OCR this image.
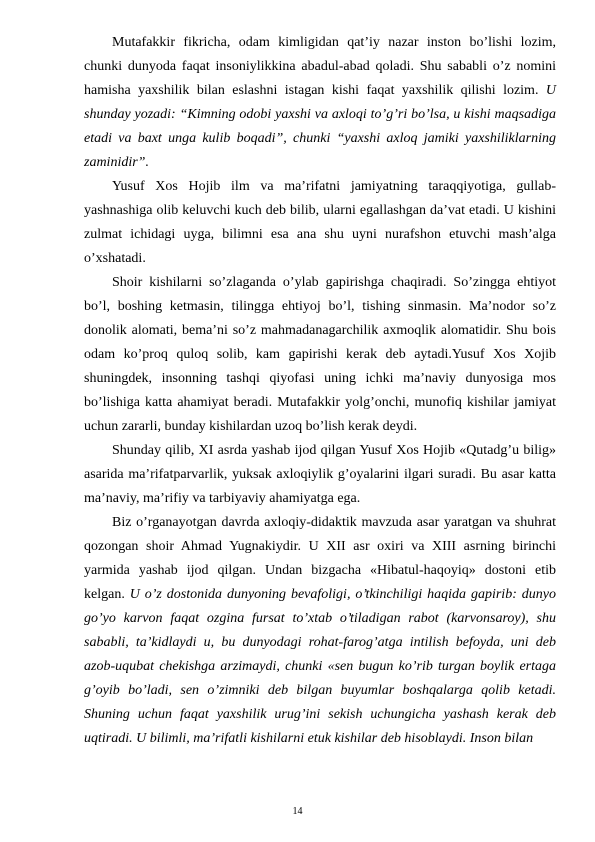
Mutafakkir fikricha, odam kimligidan qat’iy nazar inston bo’lishi lozim, chunki dunyoda faqat insoniylikkina abadul-abad qoladi. Shu sababli o’z nomini hamisha yaxshilik bilan eslashni istagan kishi faqat yaxshilik qilishi lozim. U shunday yozadi: “Kimning odobi yaxshi va axloqi to’g’ri bo’lsa, u kishi maqsadiga etadi va baxt unga kulib boqadi”, chunki “yaxshi axloq jamiki yaxshiliklarning zaminidir”.

Yusuf Xos Hojib ilm va ma’rifatni jamiyatning taraqqiyotiga, gullab-yashnashiga olib keluvchi kuch deb bilib, ularni egallashgan da’vat etadi. U kishini zulmat ichidagi uyga, bilimni esa ana shu uyni nurafshon etuvchi mash’alga o’xshatadi.

Shoir kishilarni so’zlaganda o’ylab gapirishga chaqiradi. So’zingga ehtiyot bo’l, boshing ketmasin, tilingga ehtiyoj bo’l, tishing sinmasin. Ma’nodor so’z donolik alomati, bema’ni so’z mahmadanagarchilik axmoqlik alomatidir. Shu bois odam ko’proq quloq solib, kam gapirishi kerak deb aytadi.Yusuf Xos Xojib shuningdek, insonning tashqi qiyofasi uning ichki ma’naviy dunyosiga mos bo’lishiga katta ahamiyat beradi. Mutafakkir yolg’onchi, munofiq kishilar jamiyat uchun zararli, bunday kishilardan uzoq bo’lish kerak deydi.

Shunday qilib, XI asrda yashab ijod qilgan Yusuf Xos Hojib «Qutadg’u bilig» asarida ma’rifatparvarlik, yuksak axloqiylik g’oyalarini ilgari suradi. Bu asar katta ma’naviy, ma’rifiy va tarbiyaviy ahamiyatga ega.

Biz o’rganayotgan davrda axloqiy-didaktik mavzuda asar yaratgan va shuhrat qozongan shoir Ahmad Yugnakiydir. U XII asr oxiri va XIII asrning birinchi yarmida yashab ijod qilgan. Undan bizgacha «Hibatul-haqoyiq» dostoni etib kelgan. U o’z dostonida dunyoning bevafoligi, o’tkinchiligi haqida gapirib: dunyo go’yo karvon faqat ozgina fursat to’xtab o’tiladigan rabot (karvonsaroy), shu sababli, ta’kidlaydi u, bu dunyodagi rohat-farog’atga intilish befoyda, uni deb azob-uqubat chekishga arzimaydi, chunki «sen bugun ko’rib turgan boylik ertaga g’oyib bo’ladi, sen o’zimniki deb bilgan buyumlar boshqalarga qolib ketadi. Shuning uchun faqat yaxshilik urug’ini sekish uchungicha yashash kerak deb uqtiradi. U bilimli, ma’rifatli kishilarni etuk kishilar deb hisoblaydi. Inson bilan

14
